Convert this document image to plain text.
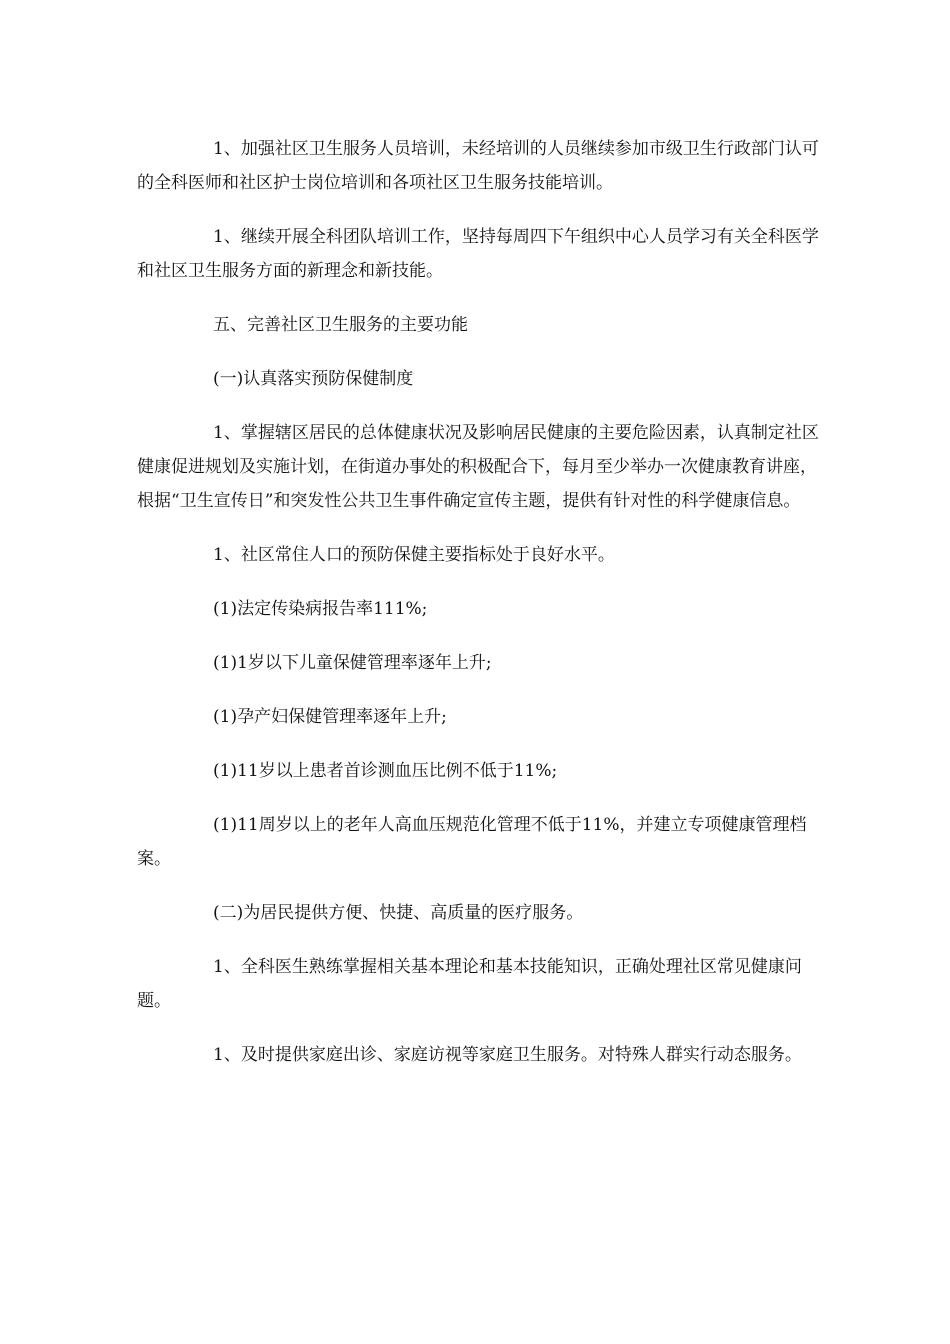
1、加强社区卫生服务人员培训，未经培训的人员继续参加市级卫生行政部门认可的全科医师和社区护士岗位培训和各项社区卫生服务技能培训。

1、继续开展全科团队培训工作，坚持每周四下午组织中心人员学习有关全科医学和社区卫生服务方面的新理念和新技能。

五、完善社区卫生服务的主要功能

(一)认真落实预防保健制度

1、掌握辖区居民的总体健康状况及影响居民健康的主要危险因素，认真制定社区健康促进规划及实施计划，在街道办事处的积极配合下，每月至少举办一次健康教育讲座，根据“卫生宣传日”和突发性公共卫生事件确定宣传主题，提供有针对性的科学健康信息。

1、社区常住人口的预防保健主要指标处于良好水平。

(1)法定传染病报告率111%;

(1)1岁以下儿童保健管理率逐年上升;

(1)孕产妇保健管理率逐年上升;

(1)11岁以上患者首诊测血压比例不低于11%;

(1)11周岁以上的老年人高血压规范化管理不低于11%，并建立专项健康管理档案。

(二)为居民提供方便、快捷、高质量的医疗服务。

1、全科医生熟练掌握相关基本理论和基本技能知识，正确处理社区常见健康问题。

1、及时提供家庭出诊、家庭访视等家庭卫生服务。对特殊人群实行动态服务。
